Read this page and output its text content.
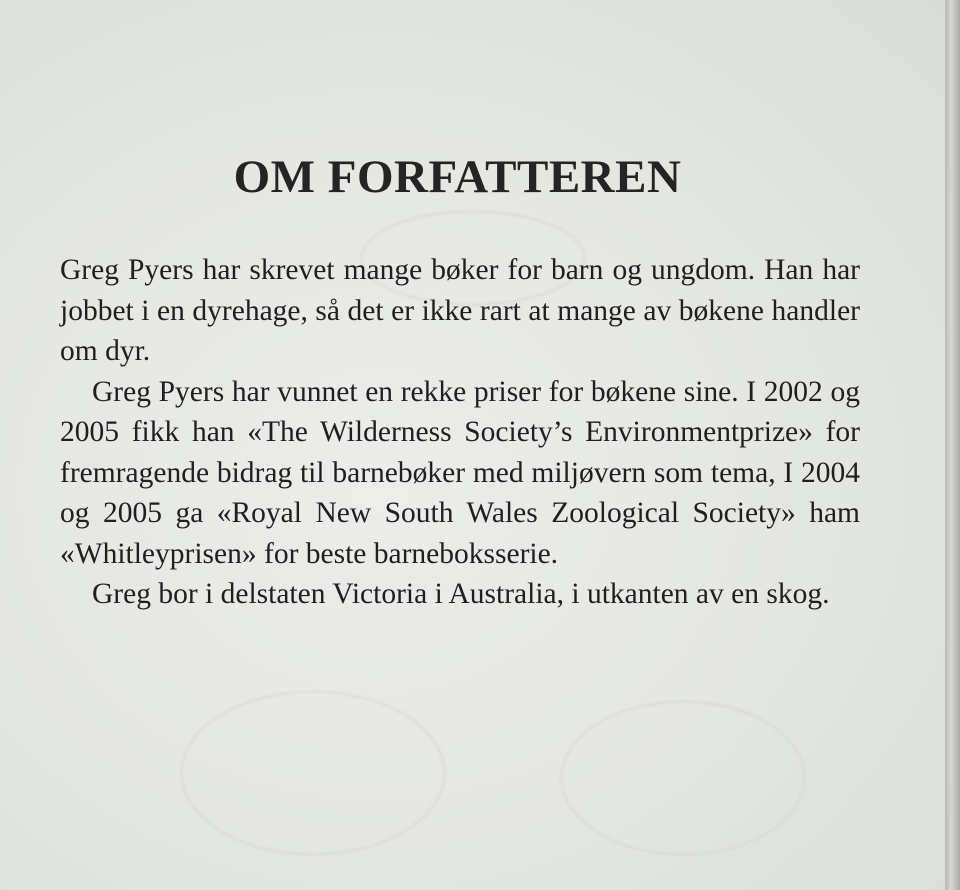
OM FORFATTEREN

Greg Pyers har skrevet mange bøker for barn og ungdom. Han har jobbet i en dyrehage, så det er ikke rart at mange av bøkene handler om dyr.

Greg Pyers har vunnet en rekke priser for bøkene sine. I 2002 og 2005 fikk han «The Wilderness Society’s Environmentprize» for fremragende bidrag til barnebøker med miljøvern som tema, I 2004 og 2005 ga «Royal New South Wales Zoological Society» ham «Whitleyprisen» for beste barneboksserie.

Greg bor i delstaten Victoria i Australia, i utkanten av en skog.
